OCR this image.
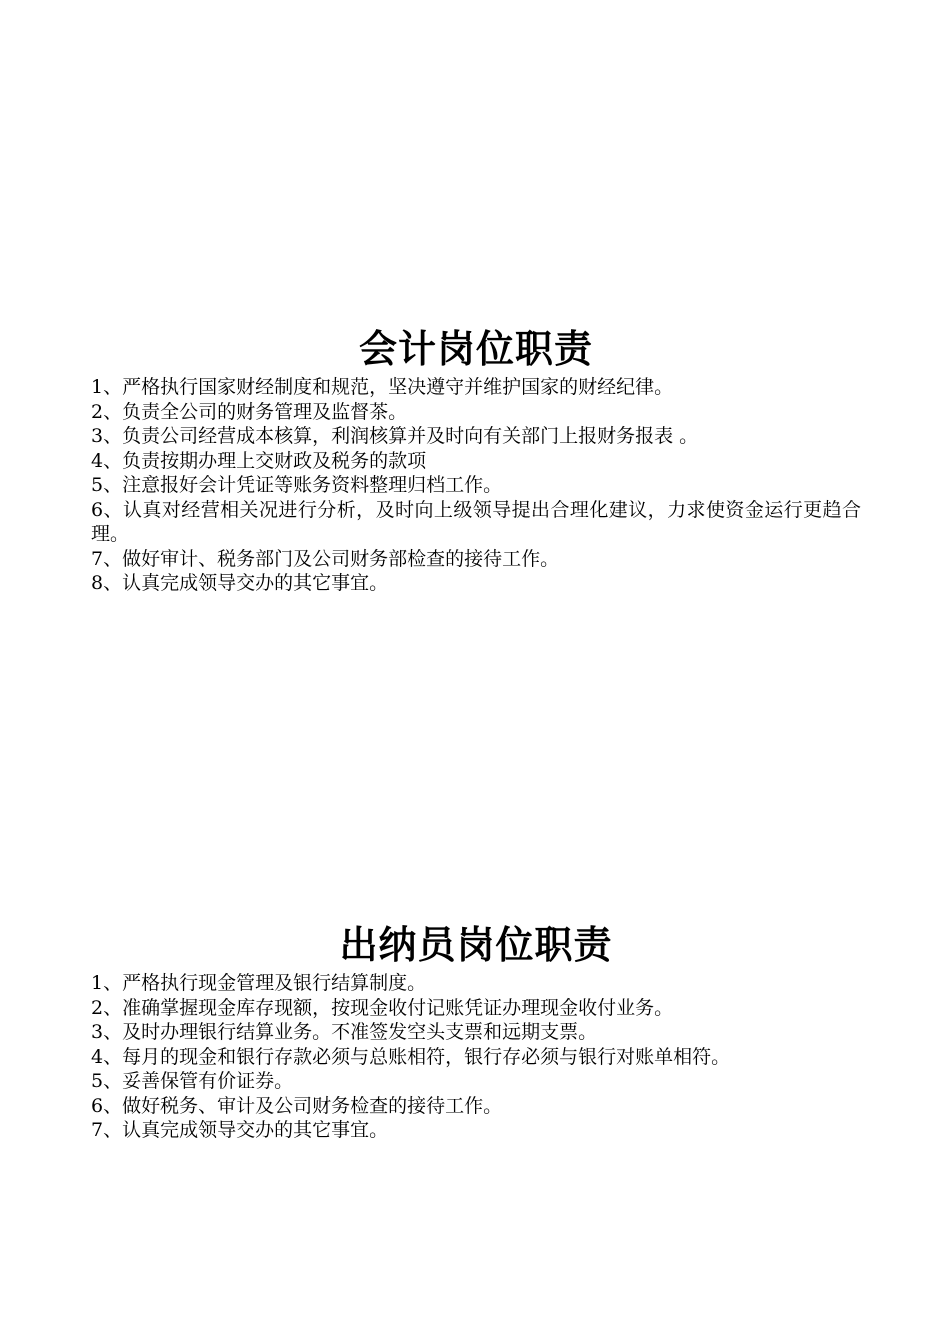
会计岗位职责
1、严格执行国家财经制度和规范，坚决遵守并维护国家的财经纪律。
2、负责全公司的财务管理及监督茶。
3、负责公司经营成本核算，利润核算并及时向有关部门上报财务报表 。
4、负责按期办理上交财政及税务的款项
5、注意报好会计凭证等账务资料整理归档工作。
6、认真对经营相关况进行分析，及时向上级领导提出合理化建议，力求使资金运行更趋合理。
7、做好审计、税务部门及公司财务部检查的接待工作。
8、认真完成领导交办的其它事宜。
出纳员岗位职责
1、严格执行现金管理及银行结算制度。
2、准确掌握现金库存现额，按现金收付记账凭证办理现金收付业务。
3、及时办理银行结算业务。不准签发空头支票和远期支票。
4、每月的现金和银行存款必须与总账相符，银行存必须与银行对账单相符。
5、妥善保管有价证券。
6、做好税务、审计及公司财务检查的接待工作。
7、认真完成领导交办的其它事宜。
